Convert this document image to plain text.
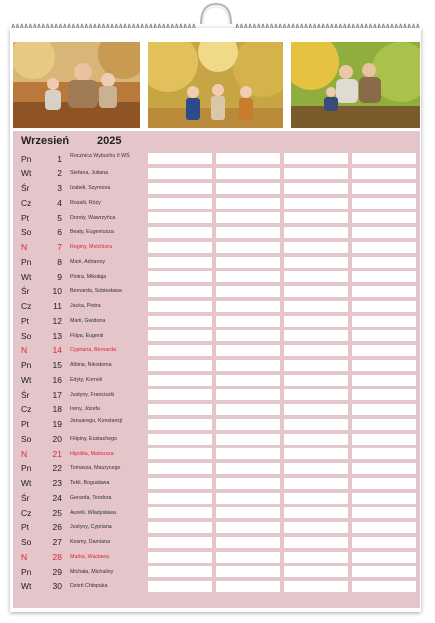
Wrzesień	2025
Pn	1 Rocznica Wybuchu II WŚ
Wt	2 Stefana, Juliana
Śr	3 Izabeli, Szymona
Cz	4 Rozalii, Róży
Pt	5 Doroty, Wawrzyńca
So	6 Beaty, Eugeniusza
N	7 Reginy, Melchiora
Pn	8 Marii, Adrianny
Wt	9 Piotra, Mikołaja
Śr	10 Bernarda, Sobiesława
Cz	11 Jacka, Piotra
Pt	12 Marii, Gwidona
So	13 Filipa, Eugenii
N	14 Cypriana, Bernarda
Pn	15 Albina, Nikodema
Wt	16 Edyty, Korneli
Śr	17 Justyny, Franciszki
Cz	18 Ireny, Józefa
Pt	19 Januarego, Konstancji
So	20 Filipiny, Eustachego
N	21 Hipolita, Mateusza
Pn	22 Tomasza, Maurycego
Wt	23 Tekli, Bogusława
Śr	24 Gerarda, Teodora
Cz	25 Aurelii, Władysława
Pt	26 Justyny, Cypriana
So	27 Kosmy, Damiana
N	28 Marka, Wacława
Pn	29 Michała, Michaliny
Wt	30 Dzień Chłopaka
